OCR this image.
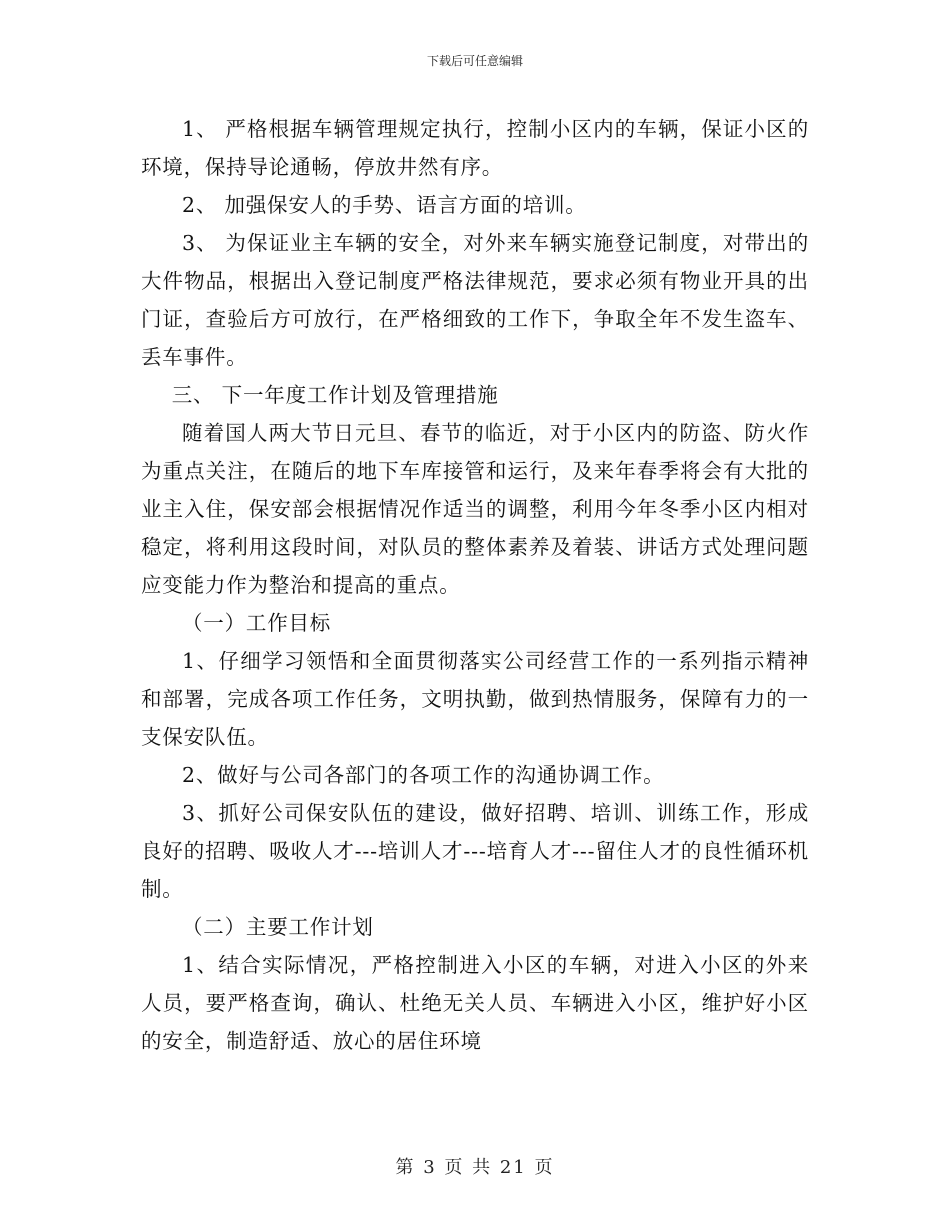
下载后可任意编辑

1、 严格根据车辆管理规定执行，控制小区内的车辆，保证小区的环境，保持导论通畅，停放井然有序。

2、 加强保安人的手势、语言方面的培训。

3、 为保证业主车辆的安全，对外来车辆实施登记制度，对带出的大件物品，根据出入登记制度严格法律规范，要求必须有物业开具的出门证，查验后方可放行，在严格细致的工作下，争取全年不发生盗车、丢车事件。

三、 下一年度工作计划及管理措施

随着国人两大节日元旦、春节的临近，对于小区内的防盗、防火作为重点关注，在随后的地下车库接管和运行，及来年春季将会有大批的业主入住，保安部会根据情况作适当的调整，利用今年冬季小区内相对稳定，将利用这段时间，对队员的整体素养及着装、讲话方式处理问题应变能力作为整治和提高的重点。

（一）工作目标

1、仔细学习领悟和全面贯彻落实公司经营工作的一系列指示精神和部署，完成各项工作任务，文明执勤，做到热情服务，保障有力的一支保安队伍。

2、做好与公司各部门的各项工作的沟通协调工作。

3、抓好公司保安队伍的建设，做好招聘、培训、训练工作，形成良好的招聘、吸收人才---培训人才---培育人才---留住人才的良性循环机制。

（二）主要工作计划

1、结合实际情况，严格控制进入小区的车辆，对进入小区的外来人员，要严格查询，确认、杜绝无关人员、车辆进入小区，维护好小区的安全，制造舒适、放心的居住环境

第 3 页 共 21 页
